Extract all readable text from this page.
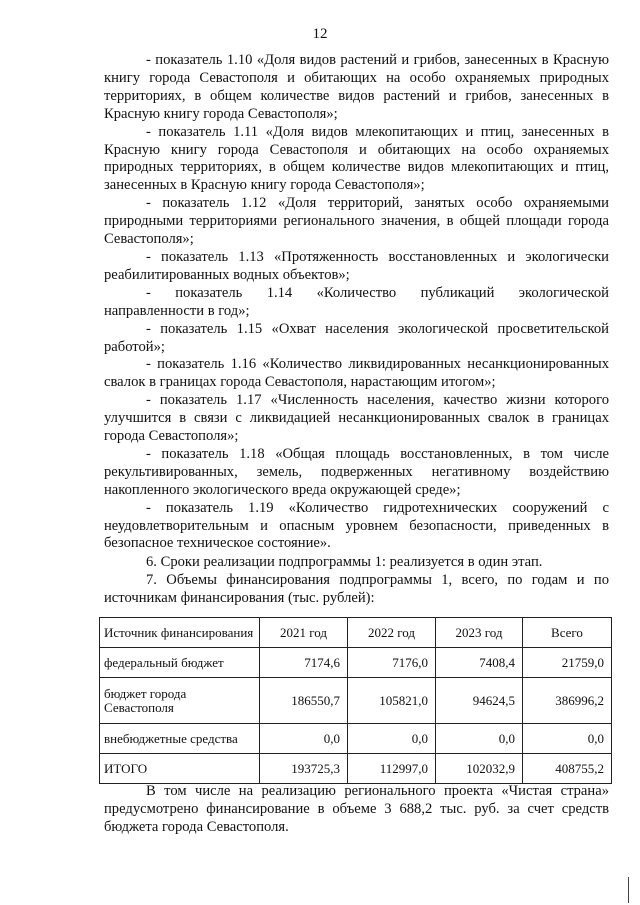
12

- показатель 1.10 «Доля видов растений и грибов, занесенных в Красную книгу города Севастополя и обитающих на особо охраняемых природных территориях, в общем количестве видов растений и грибов, занесенных в Красную книгу города Севастополя»;

- показатель 1.11 «Доля видов млекопитающих и птиц, занесенных в Красную книгу города Севастополя и обитающих на особо охраняемых природных территориях, в общем количестве видов млекопитающих и птиц, занесенных в Красную книгу города Севастополя»;

- показатель 1.12 «Доля территорий, занятых особо охраняемыми природными территориями регионального значения, в общей площади города Севастополя»;

- показатель 1.13 «Протяженность восстановленных и экологически реабилитированных водных объектов»;

- показатель 1.14 «Количество публикаций экологической направленности в год»;

- показатель 1.15 «Охват населения экологической просветительской работой»;

- показатель 1.16 «Количество ликвидированных несанкционированных свалок в границах города Севастополя, нарастающим итогом»;

- показатель 1.17 «Численность населения, качество жизни которого улучшится в связи с ликвидацией несанкционированных свалок в границах города Севастополя»;

- показатель 1.18 «Общая площадь восстановленных, в том числе рекультивированных, земель, подверженных негативному воздействию накопленного экологического вреда окружающей среде»;

- показатель 1.19 «Количество гидротехнических сооружений с неудовлетворительным и опасным уровнем безопасности, приведенных в безопасное техническое состояние».

6. Сроки реализации подпрограммы 1: реализуется в один этап.

7. Объемы финансирования подпрограммы 1, всего, по годам и по источникам финансирования (тыс. рублей):

Источник финансирования	2021 год	2022 год	2023 год	Всего
федеральный бюджет	7174,6	7176,0	7408,4	21759,0
бюджет города Севастополя	186550,7	105821,0	94624,5	386996,2
внебюджетные средства	0,0	0,0	0,0	0,0
ИТОГО	193725,3	112997,0	102032,9	408755,2

В том числе на реализацию регионального проекта «Чистая страна» предусмотрено финансирование в объеме 3 688,2 тыс. руб. за счет средств бюджета города Севастополя.
